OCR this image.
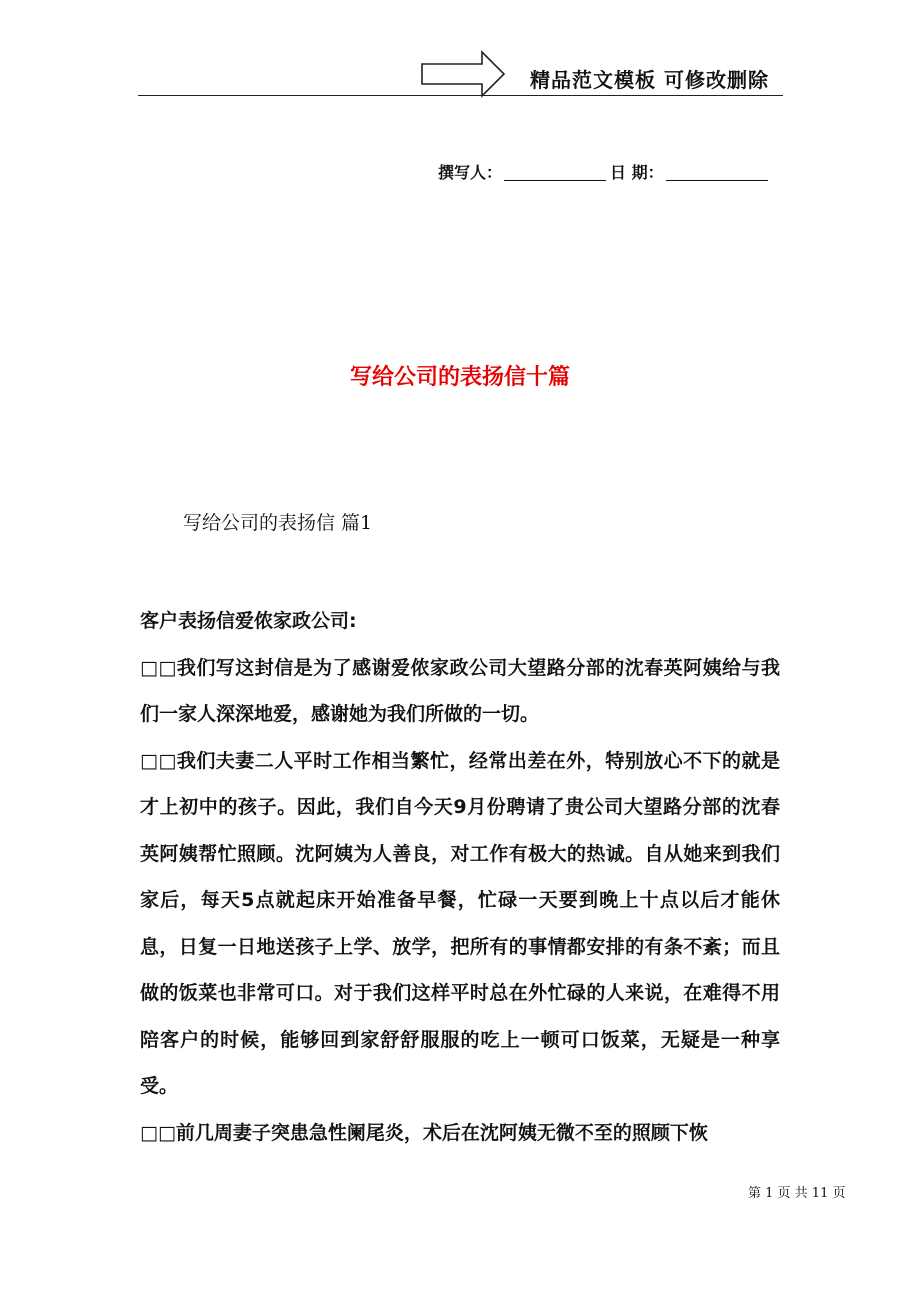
精品范文模板 可修改删除
撰写人：	日 期：
写给公司的表扬信十篇
写给公司的表扬信 篇1

客户表扬信爱侬家政公司:

□□我们写这封信是为了感谢爱侬家政公司大望路分部的沈春英阿姨给与我们一家人深深地爱，感谢她为我们所做的一切。

□□我们夫妻二人平时工作相当繁忙，经常出差在外，特别放心不下的就是才上初中的孩子。因此，我们自今天9月份聘请了贵公司大望路分部的沈春英阿姨帮忙照顾。沈阿姨为人善良，对工作有极大的热诚。自从她来到我们家后，每天5点就起床开始准备早餐，忙碌一天要到晚上十点以后才能休息，日复一日地送孩子上学、放学，把所有的事情都安排的有条不紊；而且做的饭菜也非常可口。对于我们这样平时总在外忙碌的人来说，在难得不用陪客户的时候，能够回到家舒舒服服的吃上一顿可口饭菜，无疑是一种享受。

□□前几周妻子突患急性阑尾炎，术后在沈阿姨无微不至的照顾下恢

第 1 页 共 11 页
